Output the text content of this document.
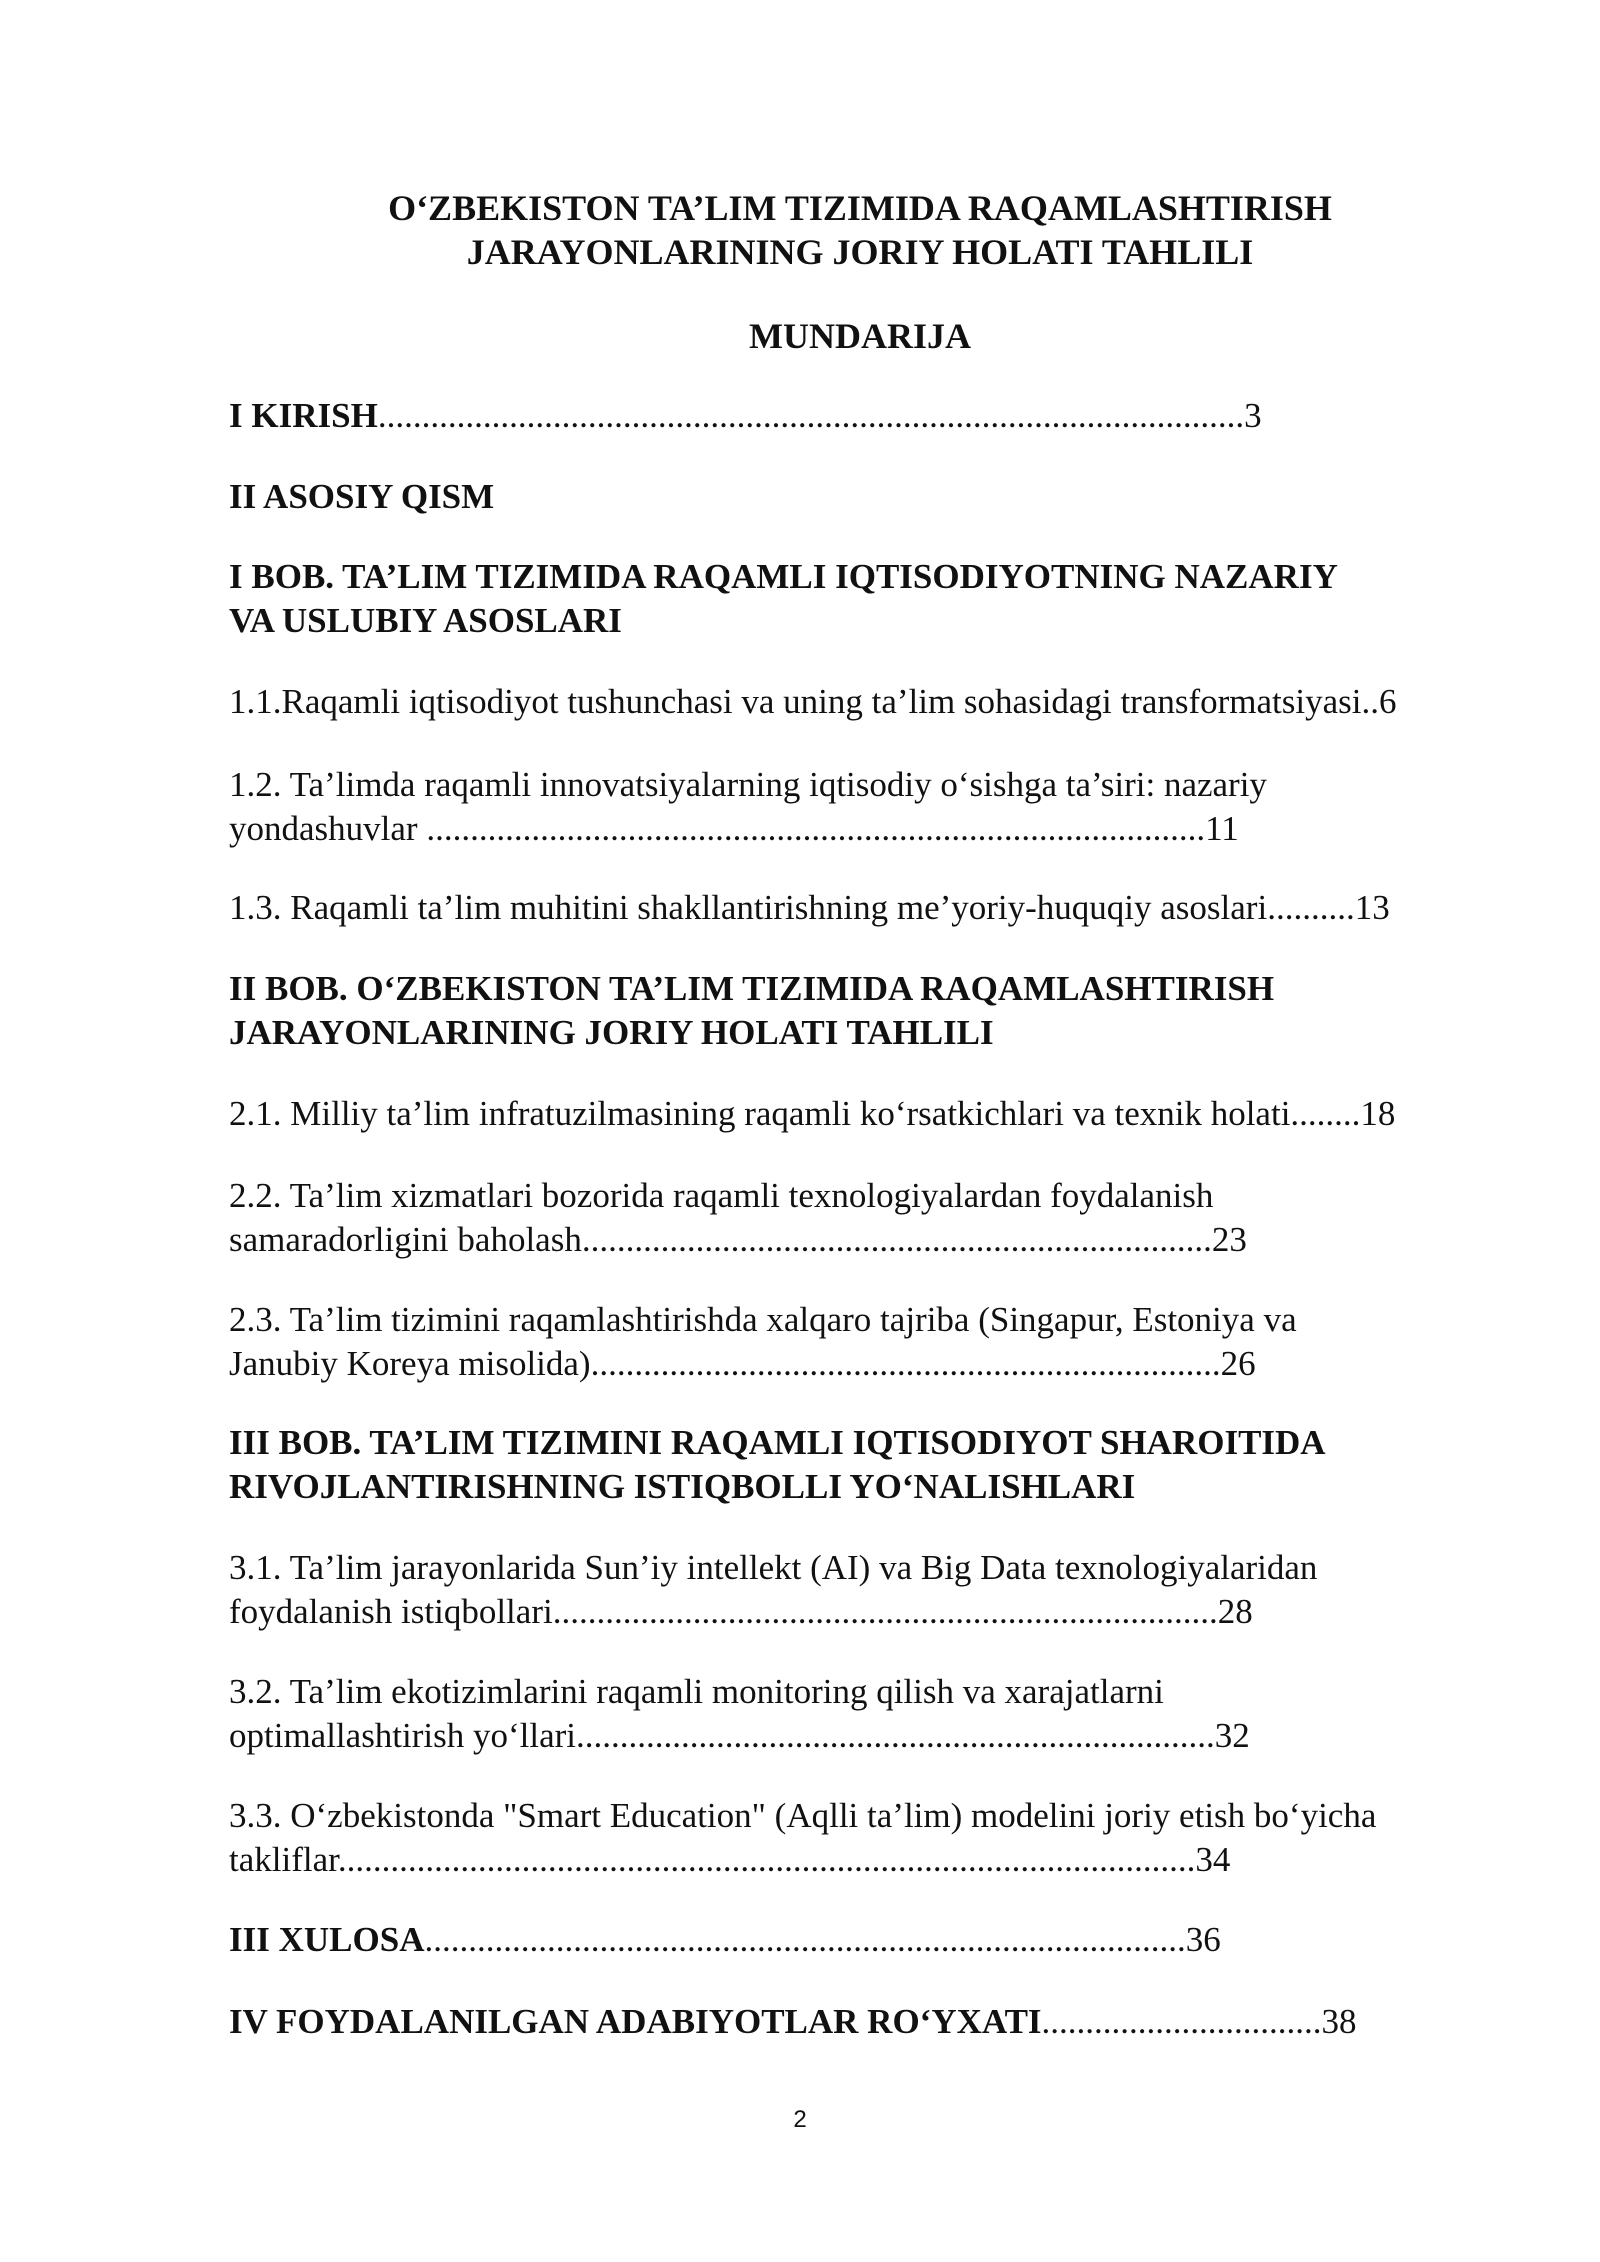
O‘ZBEKISTON TA’LIM TIZIMIDA RAQAMLASHTIRISH
JARAYONLARINING JORIY HOLATI TAHLILI
MUNDARIJA

I KIRISH...................................................................................................3

II ASOSIY QISM

I BOB. TA’LIM TIZIMIDA RAQAMLI IQTISODIYOTNING NAZARIY
VA USLUBIY ASOSLARI

1.1.Raqamli iqtisodiyot tushunchasi va uning ta’lim sohasidagi transformatsiyasi..6

1.2. Ta’limda raqamli innovatsiyalarning iqtisodiy o‘sishga ta’siri: nazariy
yondashuvlar .........................................................................................11

1.3. Raqamli ta’lim muhitini shakllantirishning me’yoriy-huquqiy asoslari..........13

II BOB. O‘ZBEKISTON TA’LIM TIZIMIDA RAQAMLASHTIRISH
JARAYONLARINING JORIY HOLATI TAHLILI

2.1. Milliy ta’lim infratuzilmasining raqamli ko‘rsatkichlari va texnik holati........18

2.2. Ta’lim xizmatlari bozorida raqamli texnologiyalardan foydalanish
samaradorligini baholash........................................................................23

2.3. Ta’lim tizimini raqamlashtirishda xalqaro tajriba (Singapur, Estoniya va
Janubiy Koreya misolida)........................................................................26

III BOB. TA’LIM TIZIMINI RAQAMLI IQTISODIYOT SHAROITIDA
RIVOJLANTIRISHNING ISTIQBOLLI YO‘NALISHLARI

3.1. Ta’lim jarayonlarida Sun’iy intellekt (AI) va Big Data texnologiyalaridan
foydalanish istiqbollari............................................................................28

3.2. Ta’lim ekotizimlarini raqamli monitoring qilish va xarajatlarni
optimallashtirish yo‘llari.........................................................................32

3.3. O‘zbekistonda "Smart Education" (Aqlli ta’lim) modelini joriy etish bo‘yicha
takliflar..................................................................................................34

III XULOSA.......................................................................................36

IV FOYDALANILGAN ADABIYOTLAR RO‘YXATI................................38

2
